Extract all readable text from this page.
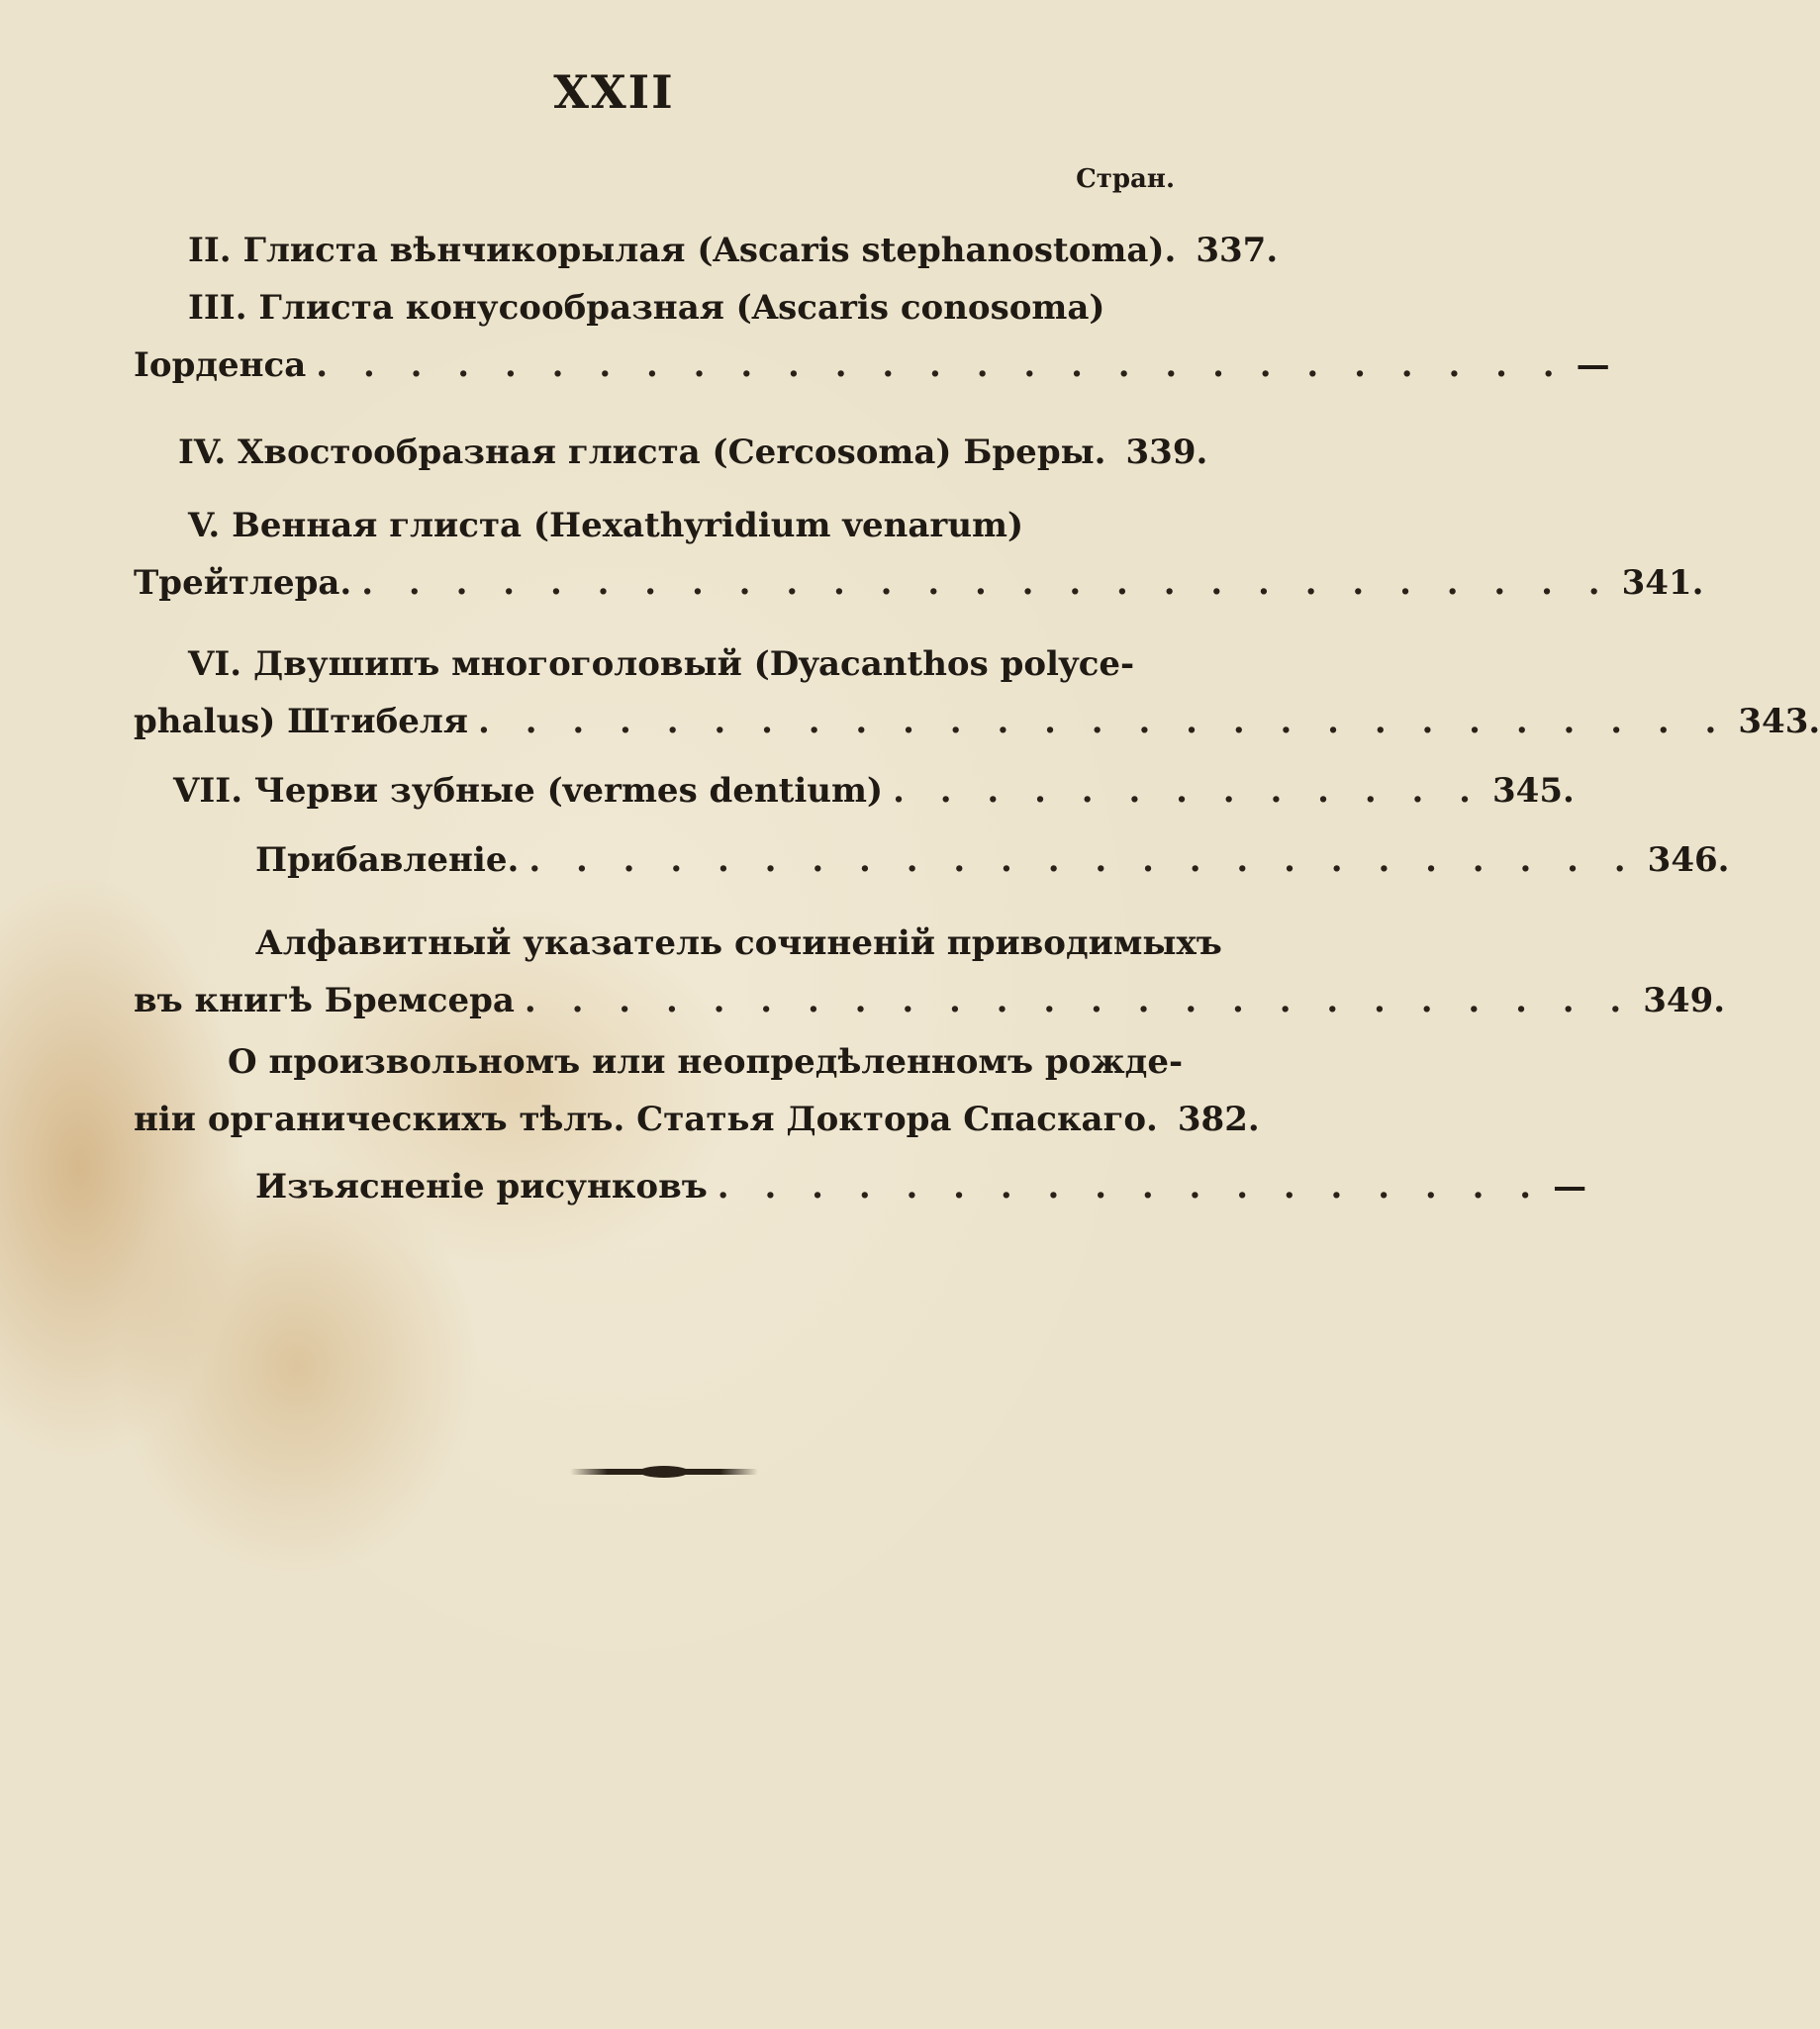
XXII
Стран.
II. Глиста вѣнчикорылая (Ascaris stephanostoma). 337.
III. Глиста конусообразная (Ascaris conosoma)
Іорденса . . . . . . . . . . . . . . . . . . . . . . . . . . . —
IV. Хвостообразная глиста (Cercosoma) Бреры. 339.
V. Венная глиста (Hexathyridium venarum)
Трейтлера. . . . . . . . . . . . . . . . . . . . . . . . . . . . 341.
VI. Двушипъ многоголовый (Dyacanthos polyce-
phalus) Штибеля . . . . . . . . . . . . . . . . . . . . . . . . . . . 343.
VII. Черви зубные (vermes dentium) . . . . . . . . . . . . . 345.
Прибавленіе. . . . . . . . . . . . . . . . . . . . . . . . . 346.
Алфавитный указатель сочиненій приводимыхъ
въ книгѣ Бремсера . . . . . . . . . . . . . . . . . . . . . . . . 349.
О произвольномъ или неопредѣленномъ рожде-
ніи органическихъ тѣлъ. Статья Доктора Спаскаго. 382.
Изъясненіе рисунковъ . . . . . . . . . . . . . . . . . . —
